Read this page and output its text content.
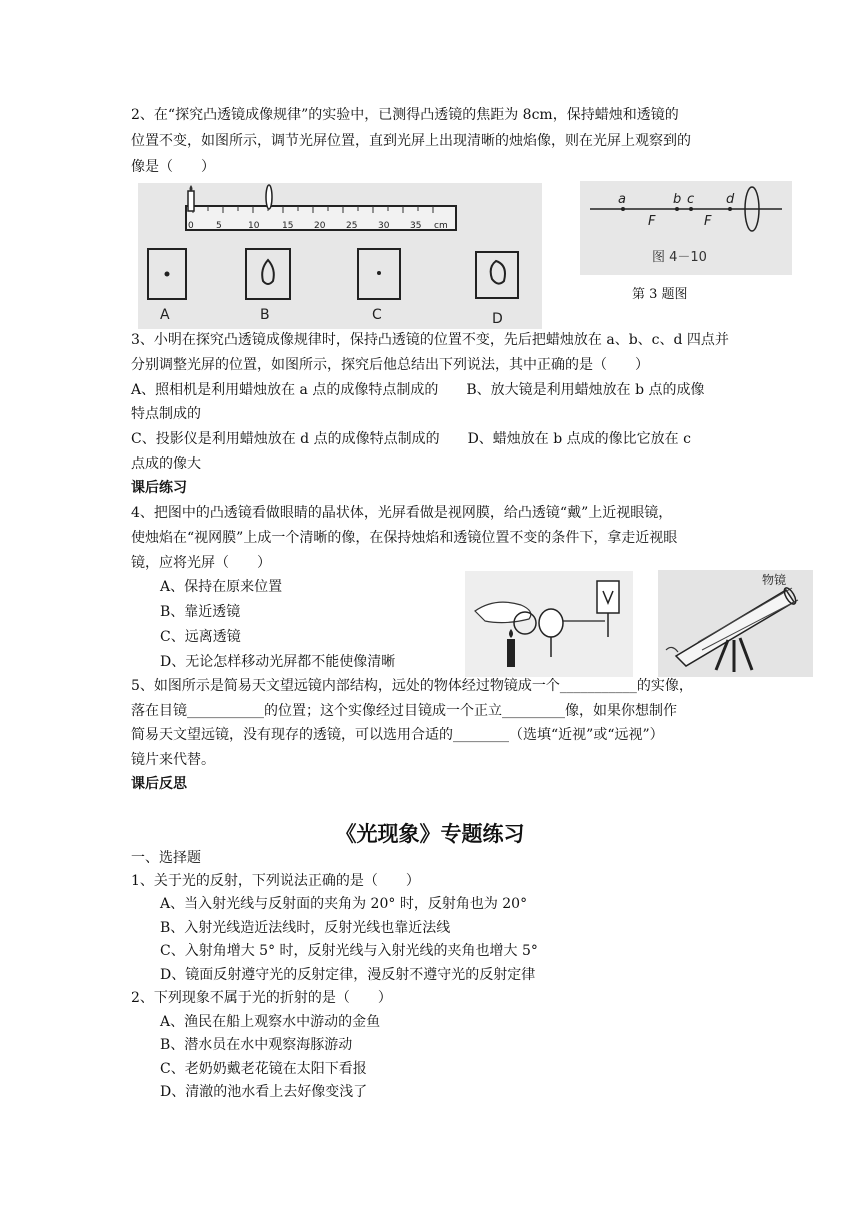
2、在“探究凸透镜成像规律”的实验中，已测得凸透镜的焦距为 8cm，保持蜡烛和透镜的
位置不变，如图所示，调节光屏位置，直到光屏上出现清晰的烛焰像，则在光屏上观察到的
像是（　　）
0 5	10	15 20 25 30 35 cm
A	B	C	D
a	b c d
F	F
图 4－10
第 3 题图
3、小明在探究凸透镜成像规律时，保持凸透镜的位置不变，先后把蜡烛放在 a、b、c、d 四点并
分别调整光屏的位置，如图所示，探究后他总结出下列说法，其中正确的是（　　）
A、照相机是利用蜡烛放在 a 点的成像特点制成的　　B、放大镜是利用蜡烛放在 b 点的成像
特点制成的
C、投影仪是利用蜡烛放在 d 点的成像特点制成的　　D、蜡烛放在 b 点成的像比它放在 c
点成的像大
课后练习
4、把图中的凸透镜看做眼睛的晶状体，光屏看做是视网膜，给凸透镜“戴”上近视眼镜，
使烛焰在“视网膜”上成一个清晰的像，在保持烛焰和透镜位置不变的条件下，拿走近视眼
镜，应将光屏（　　）
A、保持在原来位置
B、靠近透镜
C、远离透镜
D、无论怎样移动光屏都不能使像清晰
物镜
5、如图所示是简易天文望远镜内部结构，远处的物体经过物镜成一个___________的实像，
落在目镜___________的位置；这个实像经过目镜成一个正立_________像，如果你想制作
简易天文望远镜，没有现存的透镜，可以选用合适的________（选填“近视”或“远视”）
镜片来代替。
课后反思
《光现象》专题练习
一、选择题
1、关于光的反射，下列说法正确的是（　　）
A、当入射光线与反射面的夹角为 20° 时，反射角也为 20°
B、入射光线造近法线时，反射光线也靠近法线
C、入射角增大 5° 时，反射光线与入射光线的夹角也增大 5°
D、镜面反射遵守光的反射定律，漫反射不遵守光的反射定律
2、下列现象不属于光的折射的是（　　）
A、渔民在船上观察水中游动的金鱼
B、潜水员在水中观察海豚游动
C、老奶奶戴老花镜在太阳下看报
D、清澈的池水看上去好像变浅了
